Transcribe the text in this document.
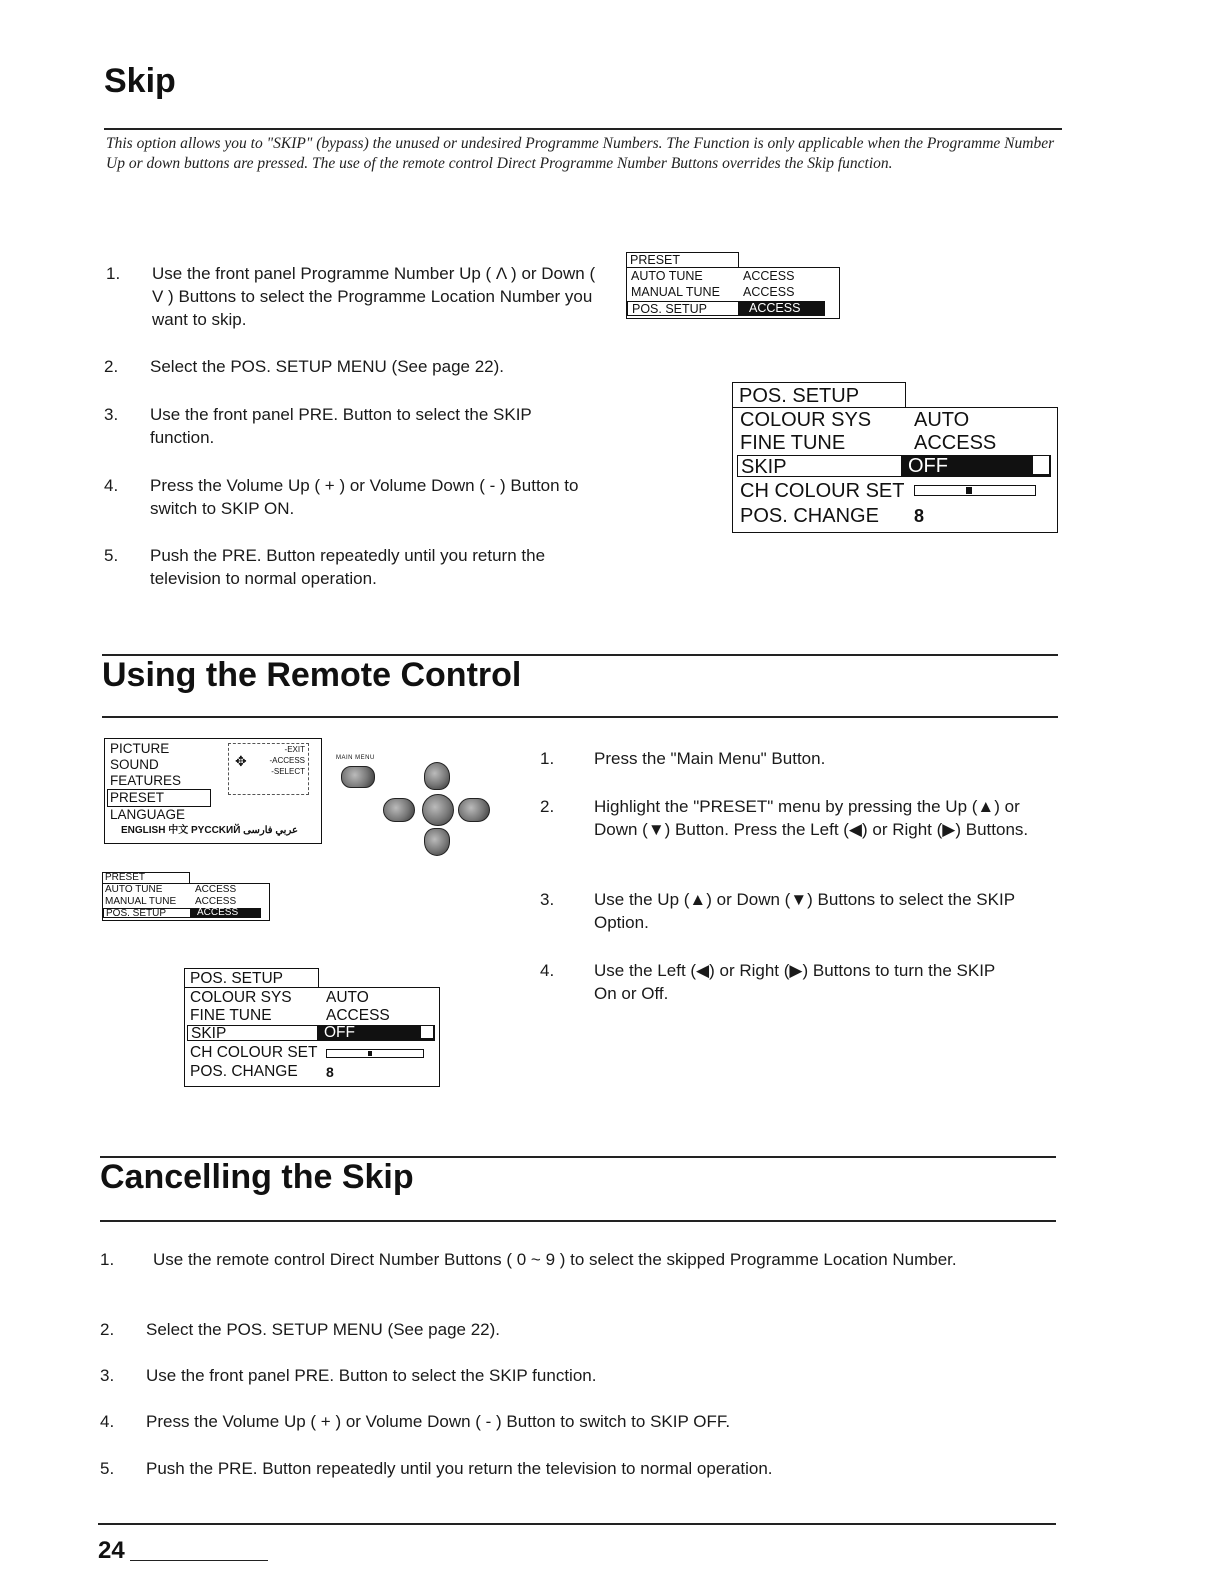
Skip
This option allows you to "SKIP" (bypass) the unused or undesired Programme Numbers. The Function is only applicable when the Programme Number Up or down buttons are pressed. The use of the remote control Direct Programme Number Buttons overrides the Skip function.
1.	Use the front panel Programme Number Up ( Λ ) or Down ( V ) Buttons to select the Programme Location Number you want to skip.
2.	Select the POS. SETUP MENU (See page 22).
3.	Use the front panel PRE. Button to select the SKIP function.
4.	Press the Volume Up ( + ) or Volume Down ( - ) Button to switch to SKIP ON.
5.	Push the PRE. Button repeatedly until you return the television to normal operation.
PRESET
AUTO TUNE	ACCESS
MANUAL TUNE	ACCESS
POS. SETUP	ACCESS
POS. SETUP
COLOUR SYS	AUTO
FINE TUNE	ACCESS
SKIP	OFF
CH COLOUR SET
POS. CHANGE	8
Using the Remote Control
PICTURE
SOUND
FEATURES
PRESET
LANGUAGE
-EXIT
-ACCESS
-SELECT
✥
ENGLISH 中文 PYCCKИЙ عربي فارسی
MAIN MENU
PRESET
AUTO TUNE	ACCESS
MANUAL TUNE	ACCESS
POS. SETUP	ACCESS
POS. SETUP
COLOUR SYS	AUTO
FINE TUNE	ACCESS
SKIP	OFF
CH COLOUR SET
POS. CHANGE	8
1.	Press the "Main Menu" Button.
2.	Highlight the "PRESET" menu by pressing the Up (▲) or Down (▼) Button. Press the Left (◀) or Right (▶) Buttons.
3.	Use the Up (▲) or Down (▼) Buttons to select the SKIP Option.
4.	Use the Left (◀) or Right (▶) Buttons to turn the SKIP On or Off.
Cancelling the Skip
1.	Use the remote control Direct Number Buttons ( 0 ~ 9 ) to select the skipped Programme Location Number.
2.	Select the POS. SETUP MENU (See page 22).
3.	Use the front panel PRE. Button to select the SKIP function.
4.	Press the Volume Up ( + ) or Volume Down ( - ) Button to switch to SKIP OFF.
5.	Push the PRE. Button repeatedly until you return the television to normal operation.
24
